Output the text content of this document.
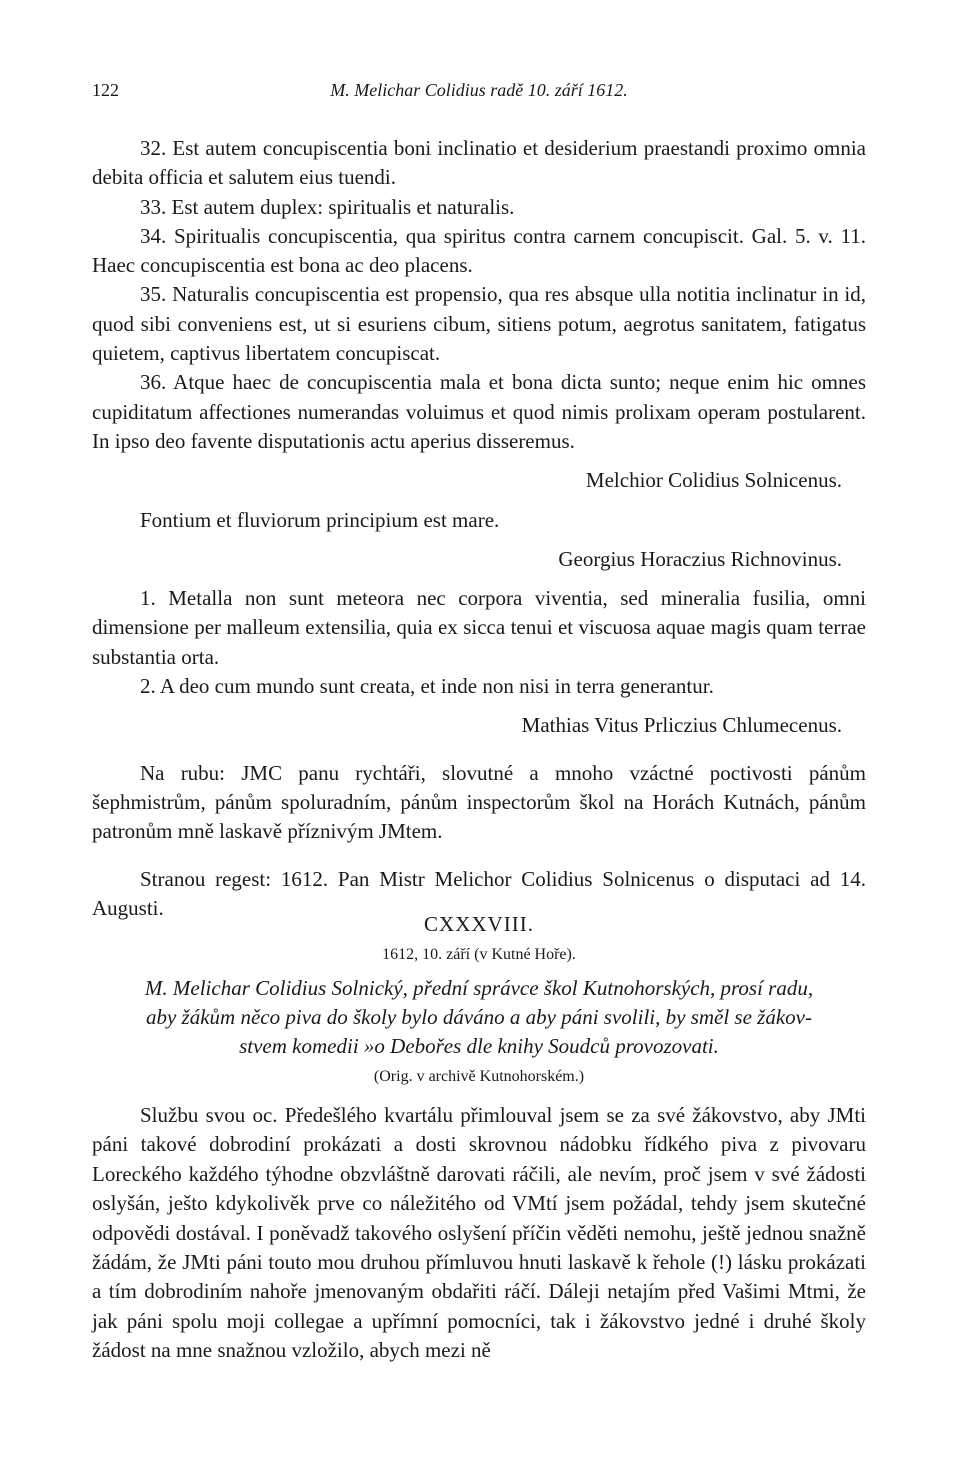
122	M. Melichar Colidius radě 10. září 1612.

32. Est autem concupiscentia boni inclinatio et desiderium praestandi proximo omnia debita officia et salutem eius tuendi.

33. Est autem duplex: spiritualis et naturalis.

34. Spiritualis concupiscentia, qua spiritus contra carnem concupiscit. Gal. 5. v. 11. Haec concupiscentia est bona ac deo placens.

35. Naturalis concupiscentia est propensio, qua res absque ulla notitia inclinatur in id, quod sibi conveniens est, ut si esuriens cibum, sitiens potum, aegrotus sanitatem, fatigatus quietem, captivus libertatem concupiscat.

36. Atque haec de concupiscentia mala et bona dicta sunto; neque enim hic omnes cupiditatum affectiones numerandas voluimus et quod nimis prolixam operam postularent. In ipso deo favente disputationis actu aperius disseremus.

Melchior Colidius Solnicenus.

Fontium et fluviorum principium est mare.

Georgius Horaczius Richnovinus.

1. Metalla non sunt meteora nec corpora viventia, sed mineralia fusilia, omni dimensione per malleum extensilia, quia ex sicca tenui et viscuosa aquae magis quam terrae substantia orta.

2. A deo cum mundo sunt creata, et inde non nisi in terra generantur.

Mathias Vitus Prliczius Chlumecenus.

Na rubu: JMC panu rychtáři, slovutné a mnoho vzáctné poctivosti pánům šephmistrům, pánům spoluradním, pánům inspectorům škol na Horách Kutnách, pánům patronům mně laskavě příznivým JMtem.

Stranou regest: 1612. Pan Mistr Melichor Colidius Solnicenus o disputaci ad 14. Augusti.

CXXXVIII.

1612, 10. září (v Kutné Hoře).

M. Melichar Colidius Solnický, přední správce škol Kutnohorských, prosí radu,
aby žákům něco piva do školy bylo dáváno a aby páni svolili, by směl se žákov-
stvem komedii »o Debořes dle knihy Soudců provozovati.

(Orig. v archivě Kutnohorském.)

Službu svou oc. Předešlého kvartálu přimlouval jsem se za své žákovstvo, aby JMti páni takové dobrodiní prokázati a dosti skrovnou nádobku řídkého piva z pivovaru Loreckého každého týhodne obzvláštně darovati ráčili, ale nevím, proč jsem v své žádosti oslyšán, ješto kdykolivěk prve co náležitého od VMtí jsem požádal, tehdy jsem skutečné odpovědi dostával. I poněvadž takového oslyšení příčin věděti nemohu, ještě jednou snažně žádám, že JMti páni touto mou druhou přímluvou hnuti laskavě k řehole (!) lásku prokázati a tím dobrodiním nahoře jmenovaným obdařiti ráčí. Dáleji netajím před Vašimi Mtmi, že jak páni spolu moji collegae a upřímní pomocníci, tak i žákovstvo jedné i druhé školy žádost na mne snažnou vzložilo, abych mezi ně
